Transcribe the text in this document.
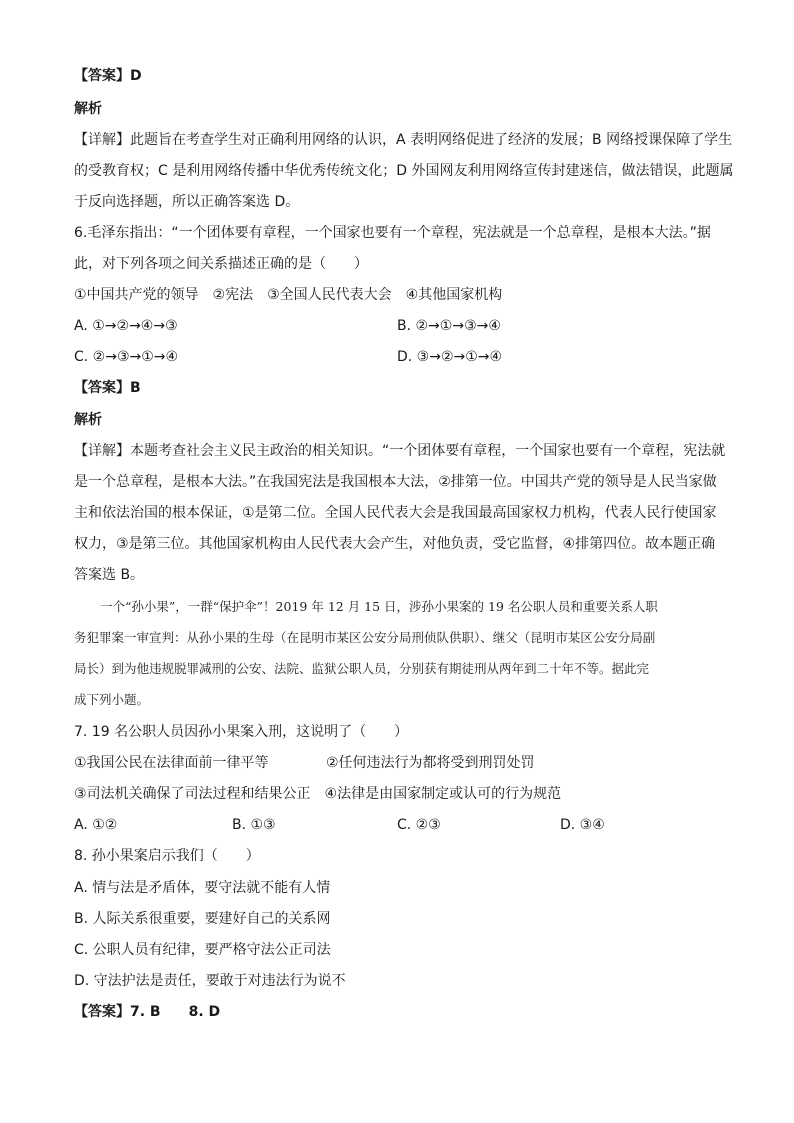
【答案】D
解析
【详解】此题旨在考查学生对正确利用网络的认识，A 表明网络促进了经济的发展；B 网络授课保障了学生
的受教育权；C 是利用网络传播中华优秀传统文化；D 外国网友利用网络宣传封建迷信，做法错误，此题属
于反向选择题，所以正确答案选 D。
6.毛泽东指出：“一个团体要有章程，一个国家也要有一个章程，宪法就是一个总章程，是根本大法。”据
此，对下列各项之间关系描述正确的是（　　）
①中国共产党的领导　②宪法　③全国人民代表大会　④其他国家机构
A. ①→②→④→③	B. ②→①→③→④
C. ②→③→①→④	D. ③→②→①→④
【答案】B
解析
【详解】本题考查社会主义民主政治的相关知识。“一个团体要有章程，一个国家也要有一个章程，宪法就
是一个总章程，是根本大法。”在我国宪法是我国根本大法，②排第一位。中国共产党的领导是人民当家做
主和依法治国的根本保证，①是第二位。全国人民代表大会是我国最高国家权力机构，代表人民行使国家
权力，③是第三位。其他国家机构由人民代表大会产生，对他负责，受它监督，④排第四位。故本题正确
答案选 B。
一个“孙小果”，一群“保护伞”！2019 年 12 月 15 日，涉孙小果案的 19 名公职人员和重要关系人职
务犯罪案一审宣判：从孙小果的生母（在昆明市某区公安分局刑侦队供职）、继父（昆明市某区公安分局副
局长）到为他违规脱罪减刑的公安、法院、监狱公职人员，分别获有期徒刑从两年到二十年不等。据此完
成下列小题。
7. 19 名公职人员因孙小果案入刑，这说明了（　　）
①我国公民在法律面前一律平等	②任何违法行为都将受到刑罚处罚
③司法机关确保了司法过程和结果公正　④法律是由国家制定或认可的行为规范
A. ①②	B. ①③	C. ②③	D. ③④
8. 孙小果案启示我们（　　）
A. 情与法是矛盾体，要守法就不能有人情
B. 人际关系很重要，要建好自己的关系网
C. 公职人员有纪律，要严格守法公正司法
D. 守法护法是责任，要敢于对违法行为说不
【答案】7. B　　8. D
